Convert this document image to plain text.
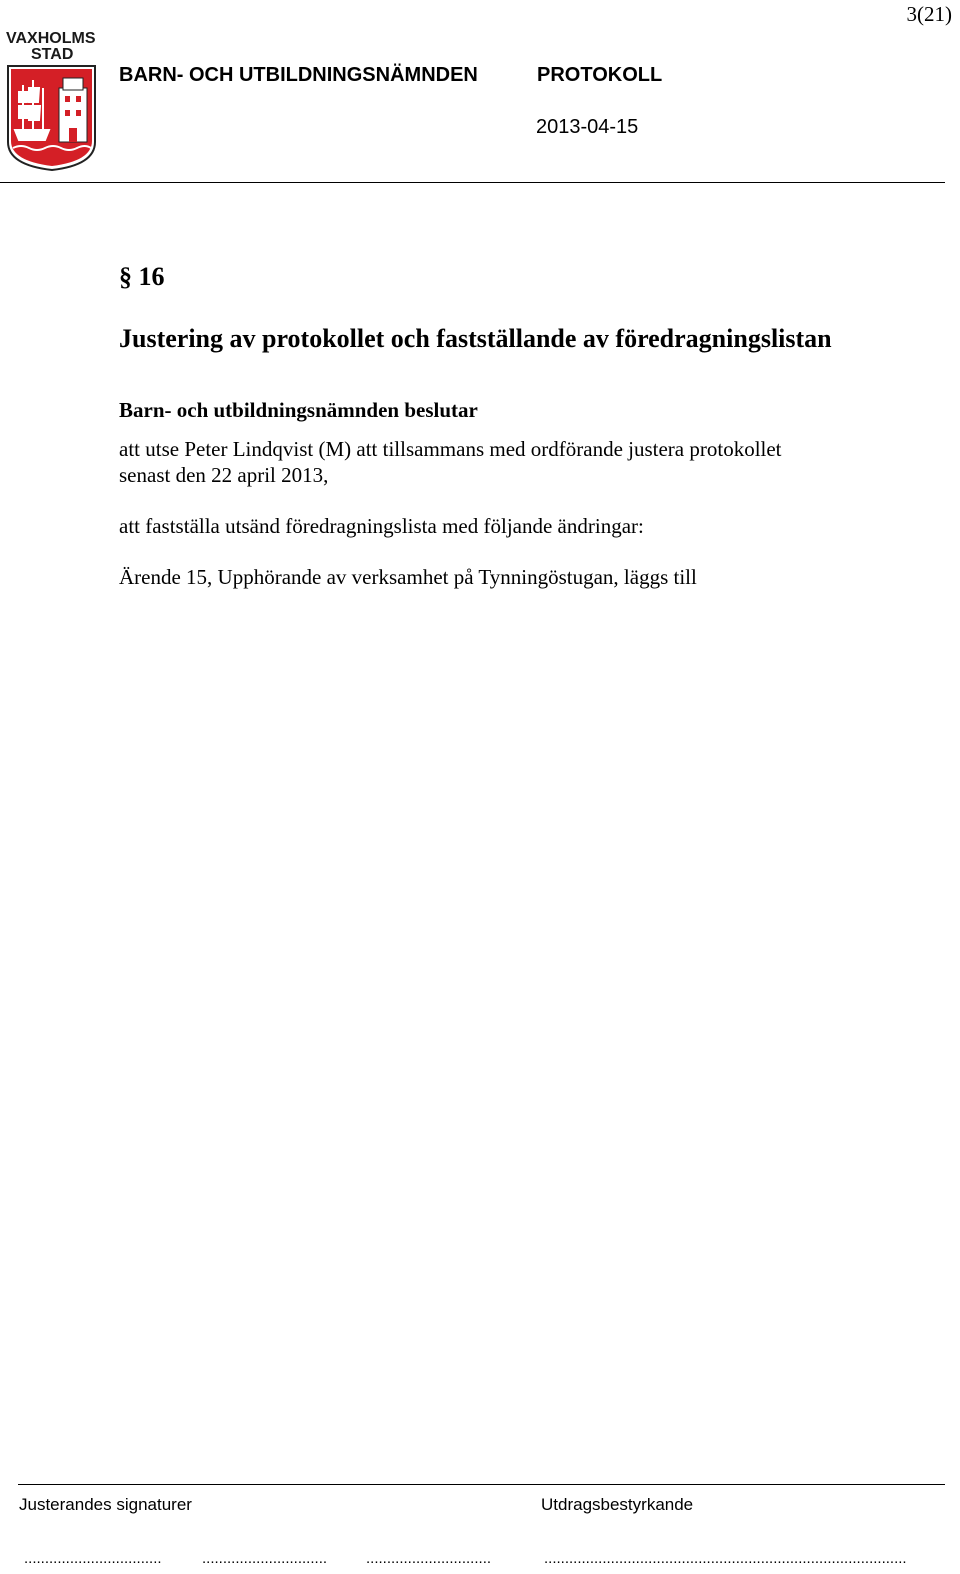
3(21)
VAXHOLMS
STAD
BARN- OCH UTBILDNINGSNÄMNDEN	PROTOKOLL
2013-04-15
§ 16
Justering av protokollet och fastställande av föredragningslistan
Barn- och utbildningsnämnden beslutar
att utse Peter Lindqvist (M) att tillsammans med ordförande justera protokollet
senast den 22 april 2013,
att fastställa utsänd föredragningslista med följande ändringar:
Ärende 15, Upphörande av verksamhet på Tynningöstugan, läggs till
Justerandes signaturer	Utdragsbestyrkande
.................................	..............................	..............................	.......................................................................................
